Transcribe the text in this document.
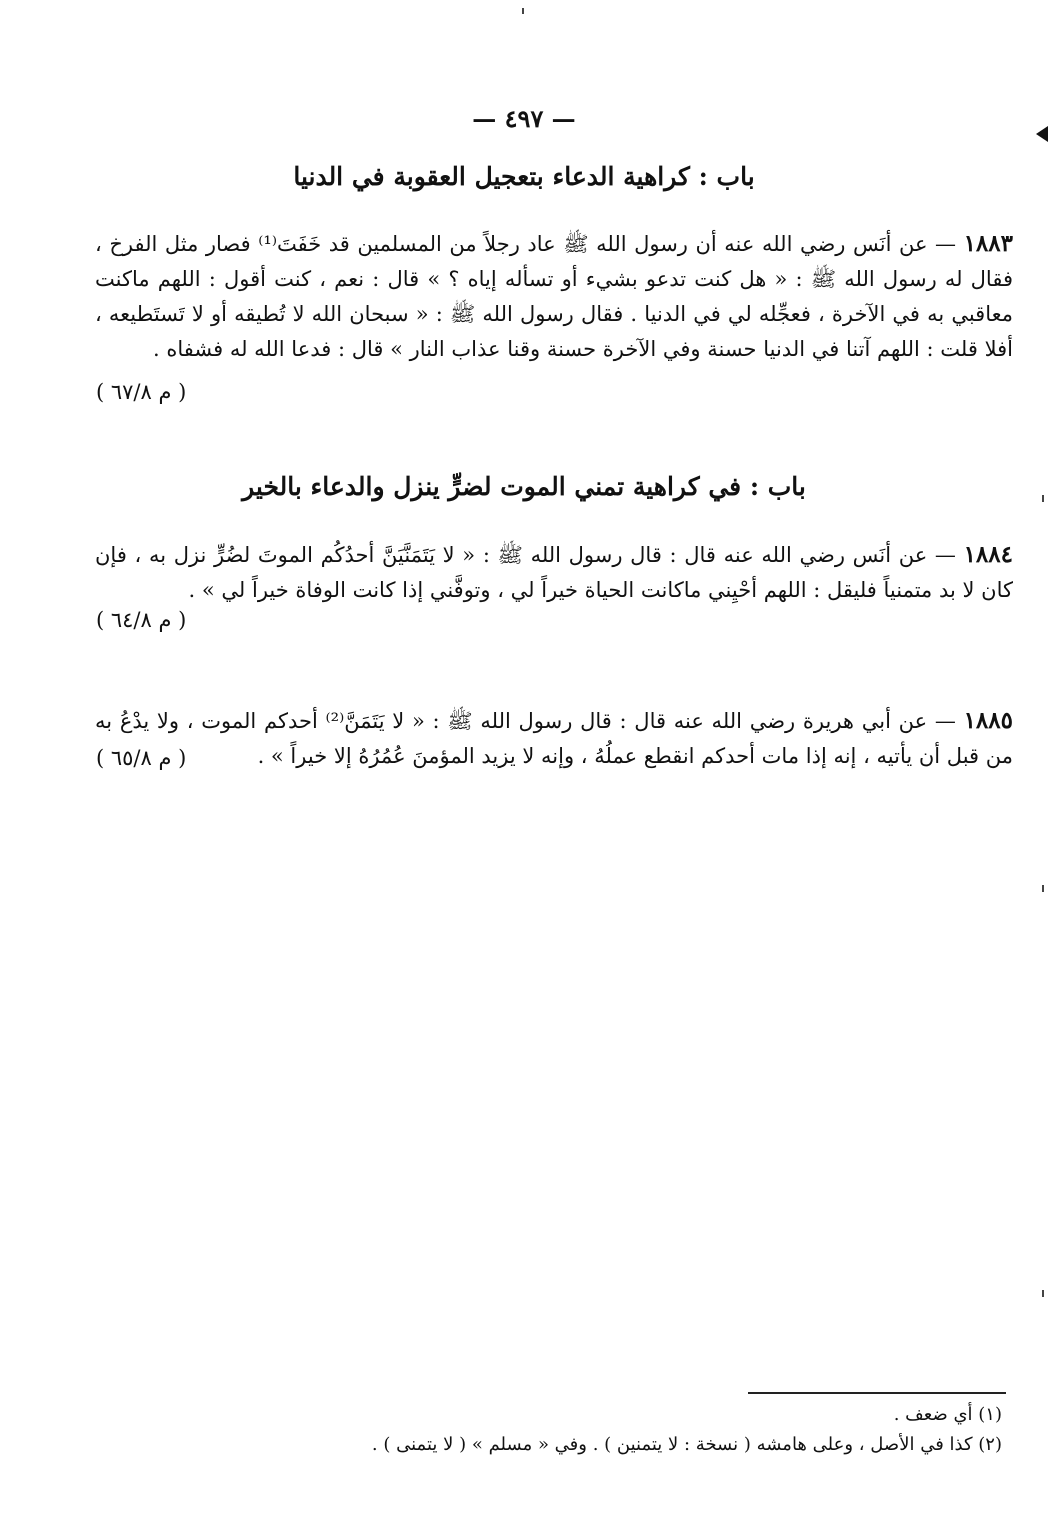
— ٤٩٧ —
باب : كراهية الدعاء بتعجيل العقوبة في الدنيا
١٨٨٣ — عن أنَس رضي الله عنه أن رسول الله ﷺ عاد رجلاً من المسلمين قد خَفَتَ⁽¹⁾ فصار مثل الفرخ ، فقال له رسول الله ﷺ : « هل كنت تدعو بشيء أو تسأله إياه ؟ » قال : نعم ، كنت أقول : اللهم ماكنت معاقبي به في الآخرة ، فعجِّله لي في الدنيا . فقال رسول الله ﷺ : « سبحان الله لا تُطيقه أو لا تَستَطيعه ، أفلا قلت : اللهم آتنا في الدنيا حسنة وفي الآخرة حسنة وقنا عذاب النار » قال : فدعا الله له فشفاه .
( م ٦٧/٨ )
باب : في كراهية تمني الموت لضرٍّ ينزل والدعاء بالخير
١٨٨٤ — عن أنَس رضي الله عنه قال : قال رسول الله ﷺ : « لا يَتَمَنَّيَنَّ أحدُكُم الموتَ لضُرٍّ نزل به ، فإن كان لا بد متمنياً فليقل : اللهم أحْيِني ماكانت الحياة خيراً لي ، وتوفَّني إذا كانت الوفاة خيراً لي » .
( م ٦٤/٨ )
١٨٨٥ — عن أبي هريرة رضي الله عنه قال : قال رسول الله ﷺ : « لا يَتَمَنَّ⁽²⁾ أحدكم الموت ، ولا يدْعُ به من قبل أن يأتيه ، إنه إذا مات أحدكم انقطع عملُهُ ، وإنه لا يزيد المؤمنَ عُمُرُهُ إلا خيراً » .
( م ٦٥/٨ )
(١) أي ضعف .
(٢) كذا في الأصل ، وعلى هامشه ( نسخة : لا يتمنين ) . وفي « مسلم » ( لا يتمنى ) .
